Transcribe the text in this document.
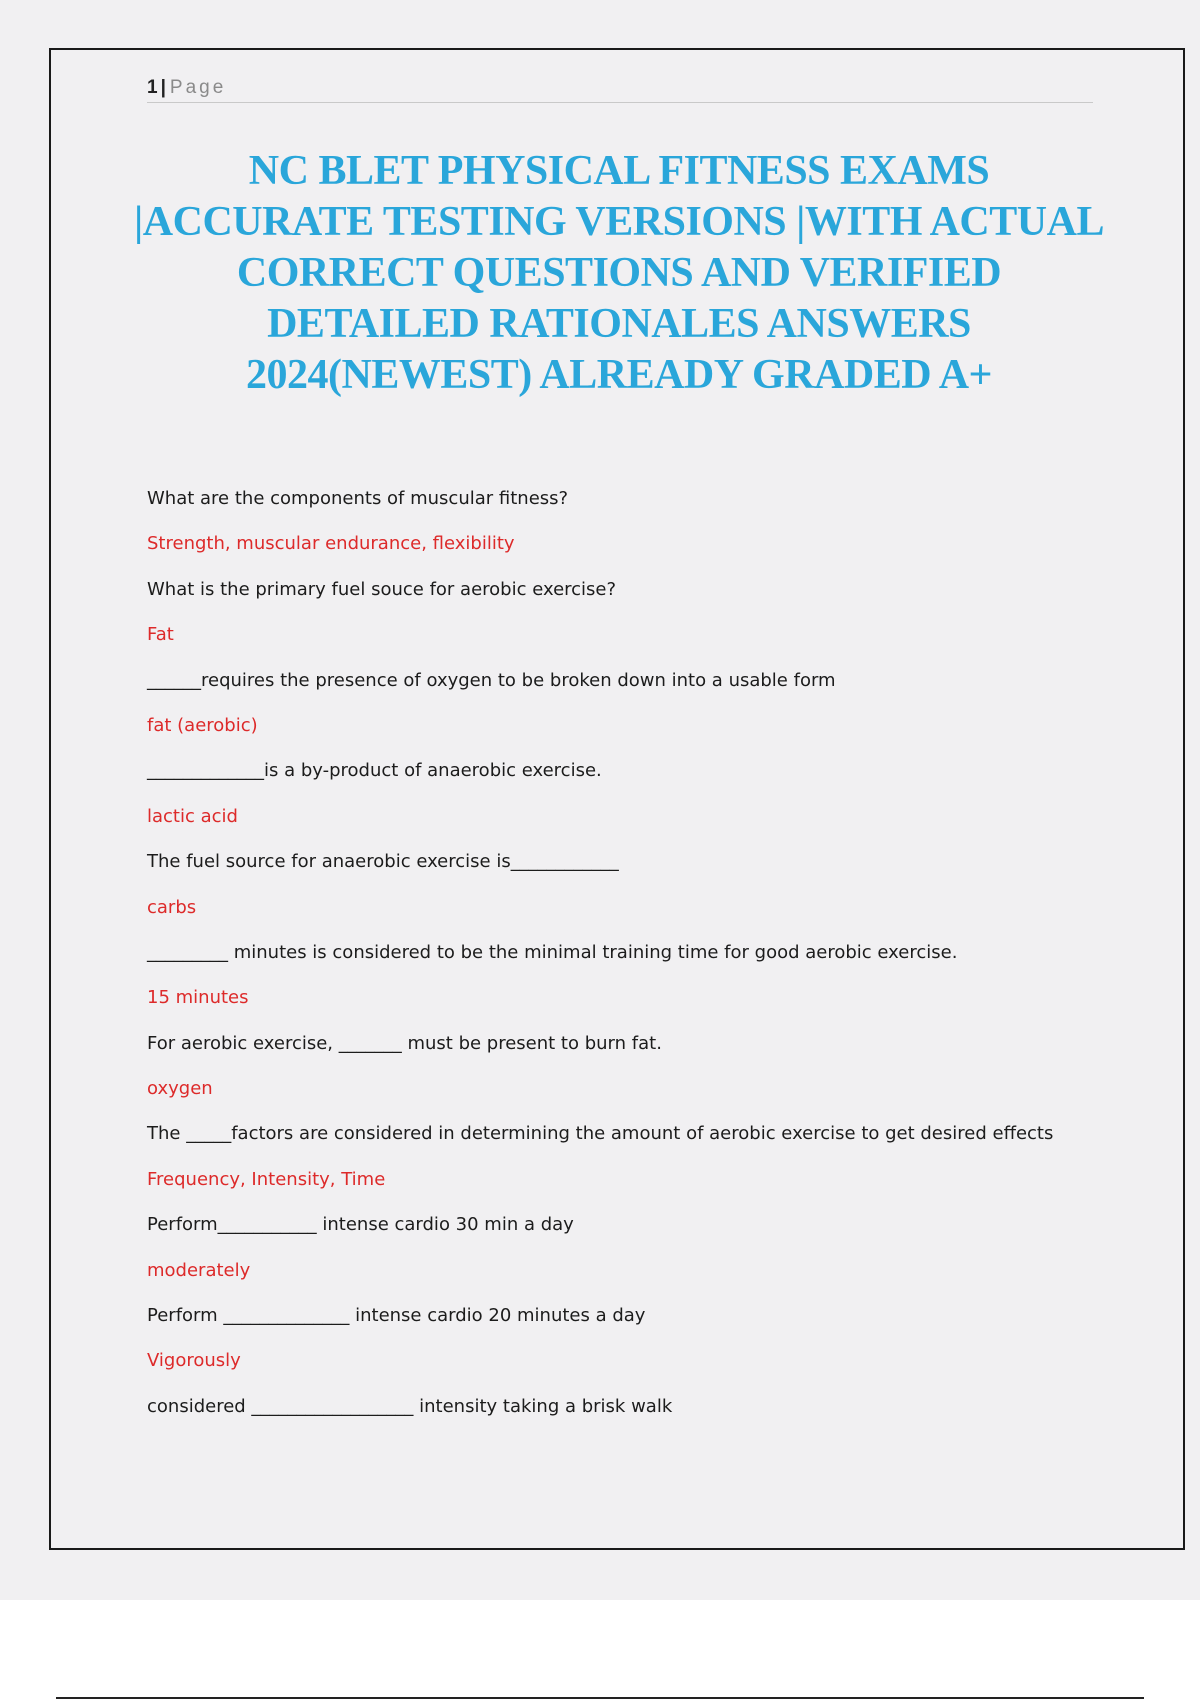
1 | Page
NC BLET PHYSICAL FITNESS EXAMS |ACCURATE TESTING VERSIONS |WITH ACTUAL CORRECT QUESTIONS AND VERIFIED DETAILED RATIONALES ANSWERS 2024(NEWEST) ALREADY GRADED A+
What are the components of muscular fitness?
Strength, muscular endurance, flexibility
What is the primary fuel souce for aerobic exercise?
Fat
______requires the presence of oxygen to be broken down into a usable form
fat (aerobic)
_____________is a by-product of anaerobic exercise.
lactic acid
The fuel source for anaerobic exercise is____________
carbs
_________ minutes is considered to be the minimal training time for good aerobic exercise.
15 minutes
For aerobic exercise, _______ must be present to burn fat.
oxygen
The _____factors are considered in determining the amount of aerobic exercise to get desired effects
Frequency, Intensity, Time
Perform___________ intense cardio 30 min a day
moderately
Perform ______________ intense cardio 20 minutes a day
Vigorously
considered __________________ intensity taking a brisk walk
